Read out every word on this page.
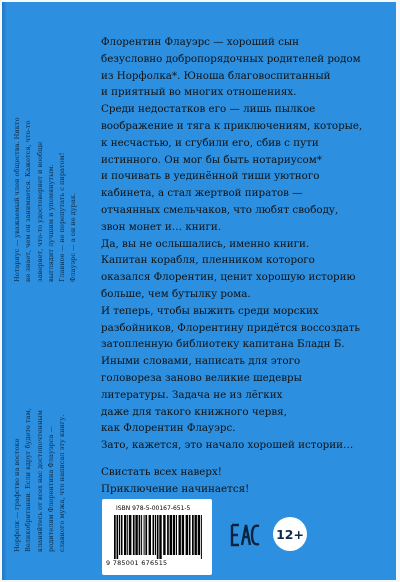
Нотариус — уважаемый член общества. Никто не знает, чем он занимается. Кажется, что-то заверяет, что-то удостоверяет и вообще выглядит лучшим и упомянутым. Главное — не перепутать с пиратом! Флауэрс — а он не дурак.
Норфолк — графство на востоке Великобритании. Если вдруг будете там, кланяйтесь от всех нас достопочтенным родителям Флорентина Флауэрса — славного мужа, что написал эту книгу.
Флорентин Флауэрс — хороший сын
безусловно добропорядочных родителей родом
из Норфолка*. Юноша благовоспитанный
и приятный во многих отношениях.
Среди недостатков его — лишь пылкое
воображение и тяга к приключениям, которые,
к несчастью, и сгубили его, сбив с пути
истинного. Он мог бы быть нотариусом*
и почивать в уединённой тиши уютного
кабинета, а стал жертвой пиратов —
отчаянных смельчаков, что любят свободу,
звон монет и… книги.
Да, вы не ослышались, именно книги.
Капитан корабля, пленником которого
оказался Флорентин, ценит хорошую историю
больше, чем бутылку рома.
И теперь, чтобы выжить среди морских
разбойников, Флорентину придётся воссоздать
затопленную библиотеку капитана Бладн Б.
Иными словами, написать для этого
головореза заново великие шедевры
литературы. Задача не из лёгких
даже для такого книжного червя,
как Флорентин Флауэрс.
Зато, кажется, это начало хорошей истории…
Свистать всех наверх!
Приключение начинается!
ISBN 978-5-00167-651-5
9 785001 676515
12+
